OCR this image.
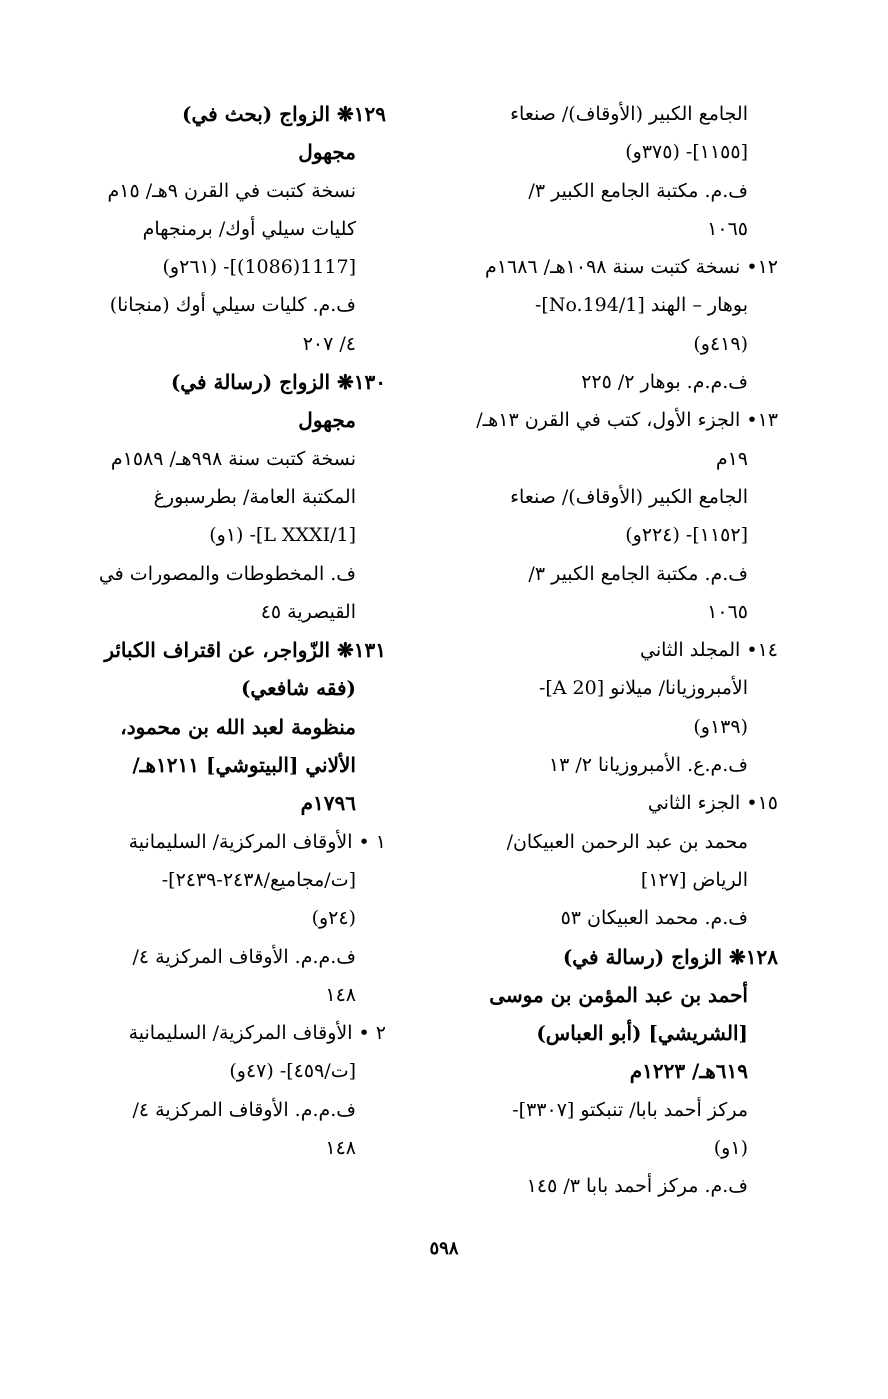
الجامع الكبير (الأوقاف)/ صنعاء
[١١٥٥]- (٣٧٥و)
ف.م. مكتبة الجامع الكبير ٣/
١٠٦٥
١٢• نسخة كتبت سنة ١٠٩٨هـ/ ١٦٨٦م
بوهار – الهند [No.194/1]-
(٤١٩و)
ف.م.م. بوهار ٢/ ٢٢٥
١٣• الجزء الأول، كتب في القرن ١٣هـ/
١٩م
الجامع الكبير (الأوقاف)/ صنعاء
[١١٥٢]- (٢٢٤و)
ف.م. مكتبة الجامع الكبير ٣/
١٠٦٥
١٤• المجلد الثاني
الأمبروزيانا/ ميلانو [A 20]-
(١٣٩و)
ف.م.ع. الأمبروزيانا ٢/ ١٣
١٥• الجزء الثاني
محمد بن عبد الرحمن العبيكان/
الرياض [١٢٧]
ف.م. محمد العبيكان ٥٣
١٢٨❋ الزواج (رسالة في)
أحمد بن عبد المؤمن بن موسى
[الشريشي] (أبو العباس)
٦١٩هـ/ ١٢٢٣م
مركز أحمد بابا/ تنبكتو [٣٣٠٧]-
(١و)
ف.م. مركز أحمد بابا ٣/ ١٤٥
١٢٩❋ الزواج (بحث في)
مجهول
نسخة كتبت في القرن ٩هـ/ ١٥م
كليات سيلي أوك/ برمنجهام
[1117(1086)]- (٢٦١و)
ف.م. كليات سيلي أوك (منجانا)
٤/ ٢٠٧
١٣٠❋ الزواج (رسالة في)
مجهول
نسخة كتبت سنة ٩٩٨هـ/ ١٥٨٩م
المكتبة العامة/ بطرسبورغ
[L XXXI/1]- (١و)
ف. المخطوطات والمصورات في
القيصرية ٤٥
١٣١❋ الزّواجر، عن اقتراف الكبائر
(فقه شافعي)
منظومة لعبد الله بن محمود،
الألاني [البيتوشي] ١٢١١هـ/
١٧٩٦م
١ • الأوقاف المركزية/ السليمانية
[ت/مجاميع/٢٤٣٨-٢٤٣٩]-
(٢٤و)
ف.م.م. الأوقاف المركزية ٤/
١٤٨
٢ • الأوقاف المركزية/ السليمانية
[ت/٤٥٩]- (٤٧و)
ف.م.م. الأوقاف المركزية ٤/
١٤٨
٥٩٨
